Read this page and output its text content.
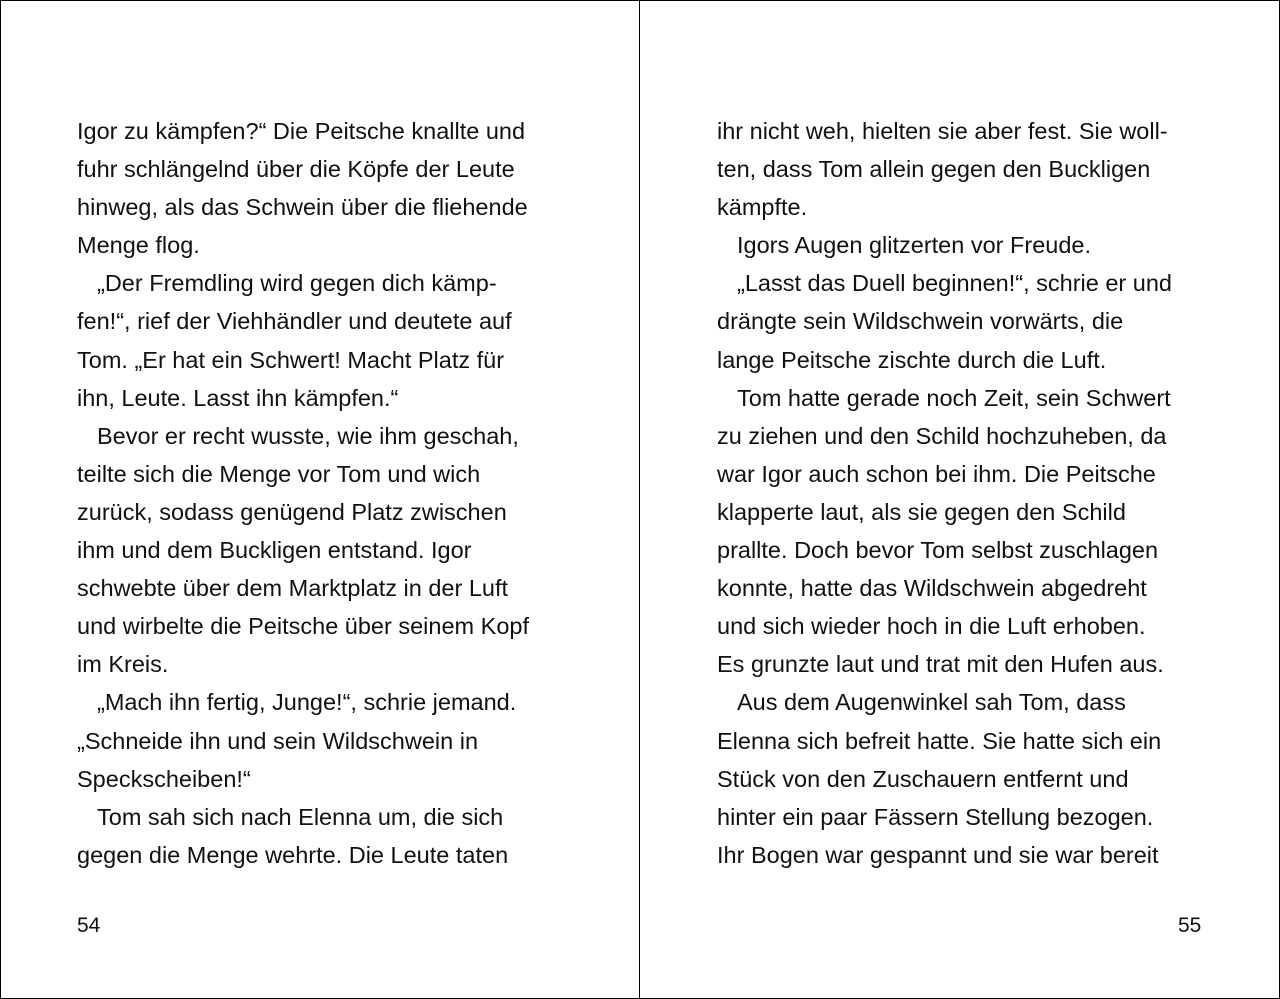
Igor zu kämpfen?“ Die Peitsche knallte und
fuhr schlängelnd über die Köpfe der Leute
hinweg, als das Schwein über die fliehende
Menge flog.
„Der Fremdling wird gegen dich kämp-
fen!“, rief der Viehhändler und deutete auf
Tom. „Er hat ein Schwert! Macht Platz für
ihn, Leute. Lasst ihn kämpfen.“
Bevor er recht wusste, wie ihm geschah,
teilte sich die Menge vor Tom und wich
zurück, sodass genügend Platz zwischen
ihm und dem Buckligen entstand. Igor
schwebte über dem Marktplatz in der Luft
und wirbelte die Peitsche über seinem Kopf
im Kreis.
„Mach ihn fertig, Junge!“, schrie jemand.
„Schneide ihn und sein Wildschwein in
Speckscheiben!“
Tom sah sich nach Elenna um, die sich
gegen die Menge wehrte. Die Leute taten
54
ihr nicht weh, hielten sie aber fest. Sie woll-
ten, dass Tom allein gegen den Buckligen
kämpfte.
Igors Augen glitzerten vor Freude.
„Lasst das Duell beginnen!“, schrie er und
drängte sein Wildschwein vorwärts, die
lange Peitsche zischte durch die Luft.
Tom hatte gerade noch Zeit, sein Schwert
zu ziehen und den Schild hochzuheben, da
war Igor auch schon bei ihm. Die Peitsche
klapperte laut, als sie gegen den Schild
prallte. Doch bevor Tom selbst zuschlagen
konnte, hatte das Wildschwein abgedreht
und sich wieder hoch in die Luft erhoben.
Es grunzte laut und trat mit den Hufen aus.
Aus dem Augenwinkel sah Tom, dass
Elenna sich befreit hatte. Sie hatte sich ein
Stück von den Zuschauern entfernt und
hinter ein paar Fässern Stellung bezogen.
Ihr Bogen war gespannt und sie war bereit
55
